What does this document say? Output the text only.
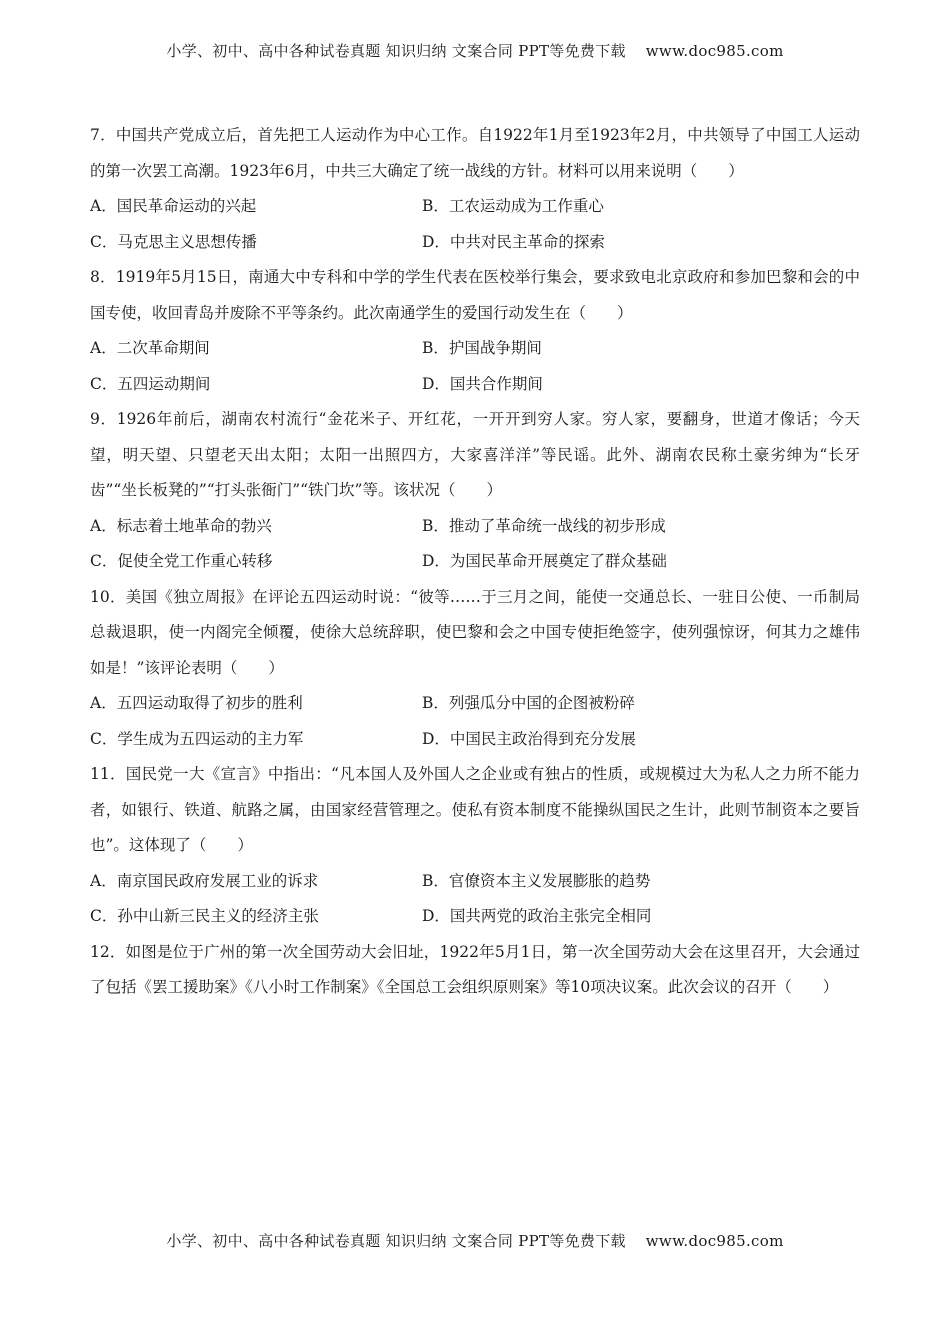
小学、初中、高中各种试卷真题 知识归纳 文案合同 PPT等免费下载 www.doc985.com

7．中国共产党成立后，首先把工人运动作为中心工作。自1922年1月至1923年2月，中共领导了中国工人运动的第一次罢工高潮。1923年6月，中共三大确定了统一战线的方针。材料可以用来说明（　　）

A．国民革命运动的兴起	B．工农运动成为工作重心
C．马克思主义思想传播	D．中共对民主革命的探索

8．1919年5月15日，南通大中专科和中学的学生代表在医校举行集会，要求致电北京政府和参加巴黎和会的中国专使，收回青岛并废除不平等条约。此次南通学生的爱国行动发生在（　　）

A．二次革命期间	B．护国战争期间
C．五四运动期间	D．国共合作期间

9．1926年前后，湖南农村流行“金花米子、开红花，一开开到穷人家。穷人家，要翻身，世道才像话；今天望，明天望、只望老天出太阳；太阳一出照四方，大家喜洋洋”等民谣。此外、湖南农民称土豪劣绅为“长牙齿”“坐长板凳的”“打头张衙门”“铁门坎”等。该状况（　　）

A．标志着土地革命的勃兴	B．推动了革命统一战线的初步形成
C．促使全党工作重心转移	D．为国民革命开展奠定了群众基础

10．美国《独立周报》在评论五四运动时说：“彼等……于三月之间，能使一交通总长、一驻日公使、一币制局总裁退职，使一内阁完全倾覆，使徐大总统辞职，使巴黎和会之中国专使拒绝签字，使列强惊讶，何其力之雄伟如是！”该评论表明（　　）

A．五四运动取得了初步的胜利	B．列强瓜分中国的企图被粉碎
C．学生成为五四运动的主力军	D．中国民主政治得到充分发展

11．国民党一大《宣言》中指出：“凡本国人及外国人之企业或有独占的性质，或规模过大为私人之力所不能力者，如银行、铁道、航路之属，由国家经营管理之。使私有资本制度不能操纵国民之生计，此则节制资本之要旨也”。这体现了（　　）

A．南京国民政府发展工业的诉求	B．官僚资本主义发展膨胀的趋势
C．孙中山新三民主义的经济主张	D．国共两党的政治主张完全相同

12．如图是位于广州的第一次全国劳动大会旧址，1922年5月1日，第一次全国劳动大会在这里召开，大会通过了包括《罢工援助案》《八小时工作制案》《全国总工会组织原则案》等10项决议案。此次会议的召开（　　）

小学、初中、高中各种试卷真题 知识归纳 文案合同 PPT等免费下载 www.doc985.com
